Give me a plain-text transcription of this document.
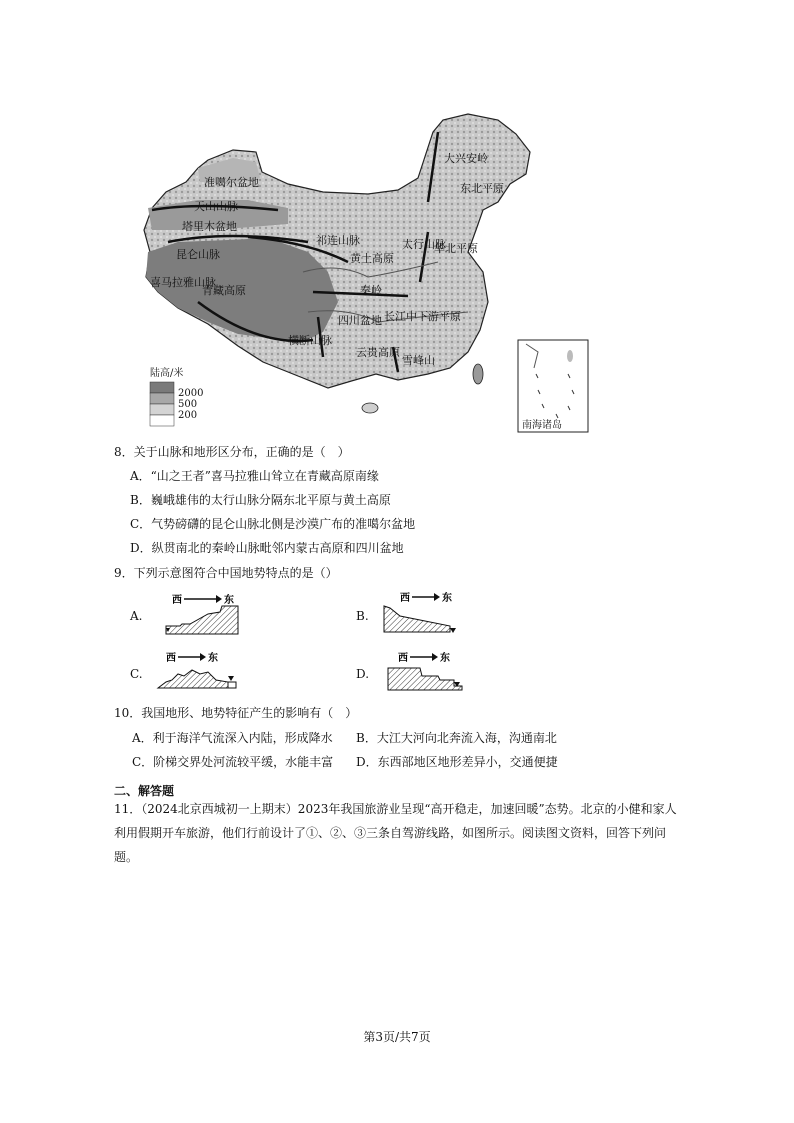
准噶尔盆地
天山山脉
塔里木盆地
昆仑山脉
青藏高原
喜马拉雅山脉
大兴安岭
东北平原
华北平原
太行山脉
黄土高原
祁连山脉
秦岭
四川盆地 长江中下游平原
云贵高原
横断山脉
雪峰山
陆高/米
2000
500
200
南海诸岛
8．关于山脉和地形区分布，正确的是（　）
A．“山之王者”喜马拉雅山耸立在青藏高原南缘
B．巍峨雄伟的太行山脉分隔东北平原与黄土高原
C．气势磅礴的昆仑山脉北侧是沙漠广布的准噶尔盆地
D．纵贯南北的秦岭山脉毗邻内蒙古高原和四川盆地
9．下列示意图符合中国地势特点的是（）
A.
西	东
B.
西	东
C.
西	东
D.
西	东
10．我国地形、地势特征产生的影响有（　）
A．利于海洋气流深入内陆，形成降水 B．大江大河向北奔流入海，沟通南北
C．阶梯交界处河流较平缓，水能丰富 D．东西部地区地形差异小，交通便捷
二、解答题
11．（2024北京西城初一上期末）2023年我国旅游业呈现“高开稳走，加速回暖”态势。北京的小健和家人
利用假期开车旅游，他们行前设计了①、②、③三条自驾游线路，如图所示。阅读图文资料，回答下列问
题。
第3页/共7页
